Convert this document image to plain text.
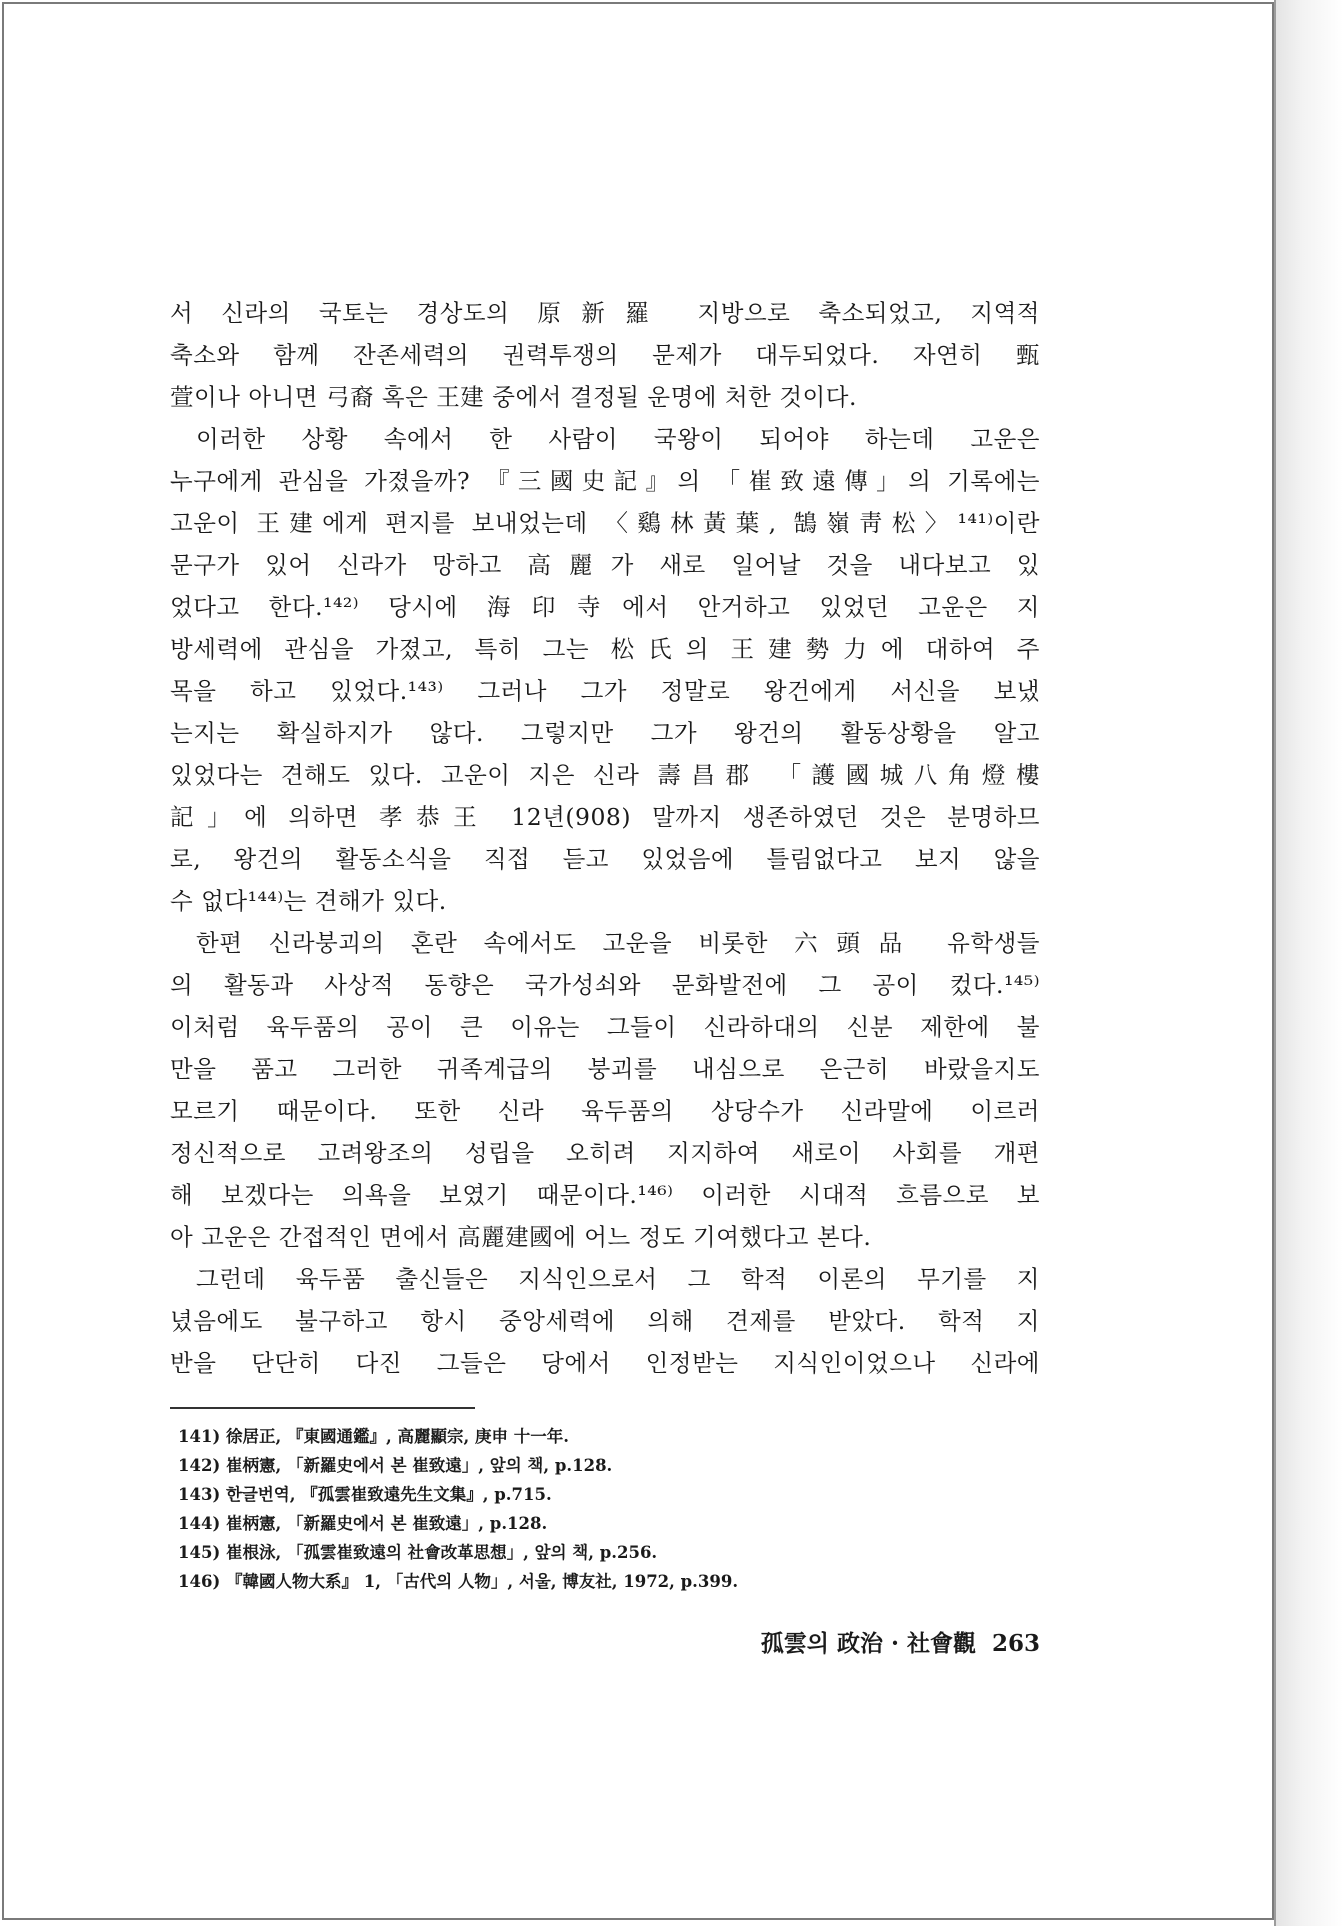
서 신라의 국토는 경상도의 原新羅 지방으로 축소되었고, 지역적
축소와 함께 잔존세력의 권력투쟁의 문제가 대두되었다. 자연히 甄
萱이나 아니면 弓裔 혹은 王建 중에서 결정될 운명에 처한 것이다.
이러한 상황 속에서 한 사람이 국왕이 되어야 하는데 고운은
누구에게 관심을 가졌을까? 『三國史記』의 「崔致遠傳」의 기록에는
고운이 王建에게 편지를 보내었는데 〈鷄林黃葉, 鵠嶺靑松〉¹⁴¹⁾이란
문구가 있어 신라가 망하고 高麗가 새로 일어날 것을 내다보고 있
었다고 한다.¹⁴²⁾ 당시에 海印寺에서 안거하고 있었던 고운은 지
방세력에 관심을 가졌고, 특히 그는 松氏의 王建勢力에 대하여 주
목을 하고 있었다.¹⁴³⁾ 그러나 그가 정말로 왕건에게 서신을 보냈
는지는 확실하지가 않다. 그렇지만 그가 왕건의 활동상황을 알고
있었다는 견해도 있다. 고운이 지은 신라 壽昌郡 「護國城八角燈樓
記」에 의하면 孝恭王 12년(908) 말까지 생존하였던 것은 분명하므
로, 왕건의 활동소식을 직접 듣고 있었음에 틀림없다고 보지 않을
수 없다¹⁴⁴⁾는 견해가 있다.
한편 신라붕괴의 혼란 속에서도 고운을 비롯한 六頭品 유학생들
의 활동과 사상적 동향은 국가성쇠와 문화발전에 그 공이 컸다.¹⁴⁵⁾
이처럼 육두품의 공이 큰 이유는 그들이 신라하대의 신분 제한에 불
만을 품고 그러한 귀족계급의 붕괴를 내심으로 은근히 바랐을지도
모르기 때문이다. 또한 신라 육두품의 상당수가 신라말에 이르러
정신적으로 고려왕조의 성립을 오히려 지지하여 새로이 사회를 개편
해 보겠다는 의욕을 보였기 때문이다.¹⁴⁶⁾ 이러한 시대적 흐름으로 보
아 고운은 간접적인 면에서 高麗建國에 어느 정도 기여했다고 본다.
그런데 육두품 출신들은 지식인으로서 그 학적 이론의 무기를 지
녔음에도 불구하고 항시 중앙세력에 의해 견제를 받았다. 학적 지
반을 단단히 다진 그들은 당에서 인정받는 지식인이었으나 신라에
141) 徐居正, 『東國通鑑』, 高麗顯宗, 庚申 十一年.
142) 崔柄憲, 「新羅史에서 본 崔致遠」, 앞의 책, p.128.
143) 한글번역, 『孤雲崔致遠先生文集』, p.715.
144) 崔柄憲, 「新羅史에서 본 崔致遠」, p.128.
145) 崔根泳, 「孤雲崔致遠의 社會改革思想」, 앞의 책, p.256.
146) 『韓國人物大系』 1, 「古代의 人物」, 서울, 博友社, 1972, p.399.
孤雲의 政治 · 社會觀 263
